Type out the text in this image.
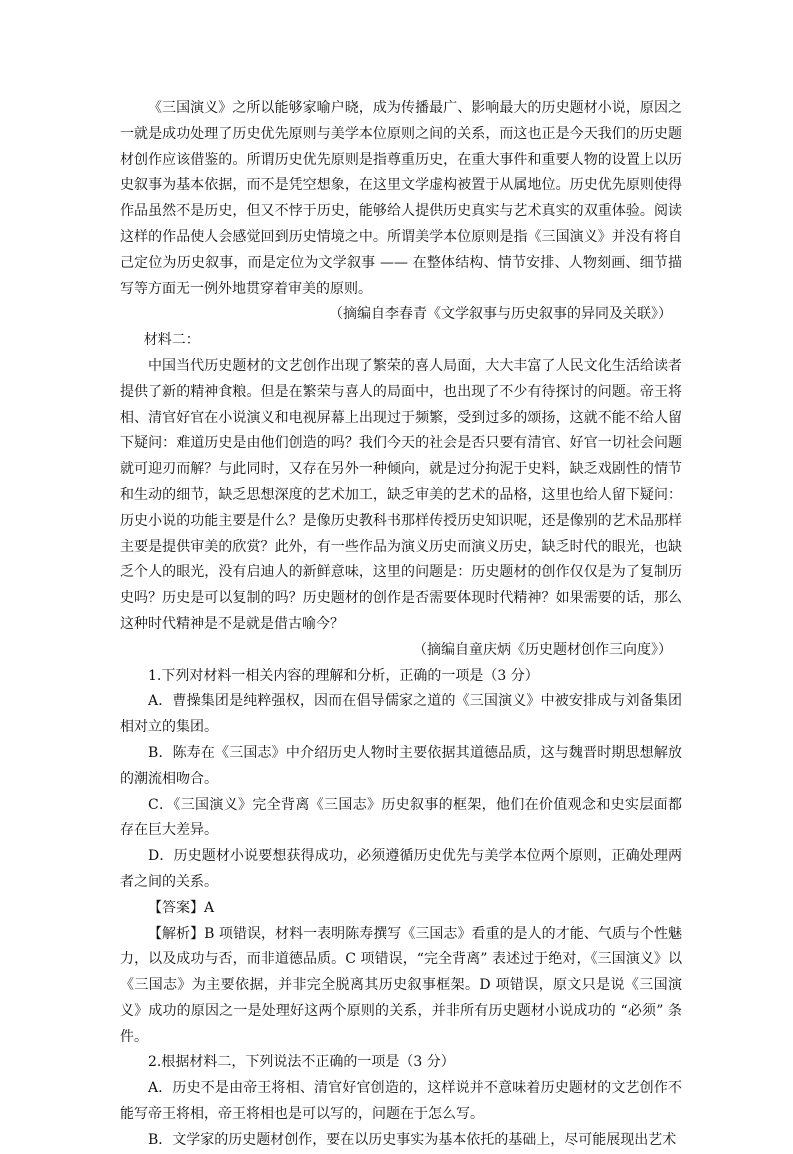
《三国演义》之所以能够家喻户晓，成为传播最广、影响最大的历史题材小说，原因之一就是成功处理了历史优先原则与美学本位原则之间的关系，而这也正是今天我们的历史题材创作应该借鉴的。所谓历史优先原则是指尊重历史，在重大事件和重要人物的设置上以历史叙事为基本依据，而不是凭空想象，在这里文学虚构被置于从属地位。历史优先原则使得作品虽然不是历史，但又不悖于历史，能够给人提供历史真实与艺术真实的双重体验。阅读这样的作品使人会感觉回到历史情境之中。所谓美学本位原则是指《三国演义》并没有将自己定位为历史叙事，而是定位为文学叙事 —— 在整体结构、情节安排、人物刻画、细节描写等方面无一例外地贯穿着审美的原则。

（摘编自李春青《文学叙事与历史叙事的异同及关联》）

材料二：

中国当代历史题材的文艺创作出现了繁荣的喜人局面，大大丰富了人民文化生活给读者提供了新的精神食粮。但是在繁荣与喜人的局面中，也出现了不少有待探讨的问题。帝王将相、清官好官在小说演义和电视屏幕上出现过于频繁，受到过多的颂扬，这就不能不给人留下疑问：难道历史是由他们创造的吗？我们今天的社会是否只要有清官、好官一切社会问题就可迎刃而解？与此同时，又存在另外一种倾向，就是过分拘泥于史料，缺乏戏剧性的情节和生动的细节，缺乏思想深度的艺术加工，缺乏审美的艺术的品格，这里也给人留下疑问：历史小说的功能主要是什么？是像历史教科书那样传授历史知识呢，还是像别的艺术品那样主要是提供审美的欣赏？此外，有一些作品为演义历史而演义历史，缺乏时代的眼光，也缺乏个人的眼光，没有启迪人的新鲜意味，这里的问题是：历史题材的创作仅仅是为了复制历史吗？历史是可以复制的吗？历史题材的创作是否需要体现时代精神？如果需要的话，那么这种时代精神是不是就是借古喻今？

（摘编自童庆炳《历史题材创作三向度》）

1.下列对材料一相关内容的理解和分析，正确的一项是（3 分）

A．曹操集团是纯粹强权，因而在倡导儒家之道的《三国演义》中被安排成与刘备集团相对立的集团。

B．陈寿在《三国志》中介绍历史人物时主要依据其道德品质，这与魏晋时期思想解放的潮流相吻合。

C．《三国演义》完全背离《三国志》历史叙事的框架，他们在价值观念和史实层面都存在巨大差异。

D．历史题材小说要想获得成功，必须遵循历史优先与美学本位两个原则，正确处理两者之间的关系。

【答案】A

【解析】B 项错误，材料一表明陈寿撰写《三国志》看重的是人的才能、气质与个性魅力，以及成功与否，而非道德品质。C 项错误，“完全背离” 表述过于绝对，《三国演义》以《三国志》为主要依据，并非完全脱离其历史叙事框架。D 项错误，原文只是说《三国演义》成功的原因之一是处理好这两个原则的关系，并非所有历史题材小说成功的 “必须” 条件。

2.根据材料二，下列说法不正确的一项是（3 分）

A．历史不是由帝王将相、清官好官创造的，这样说并不意味着历史题材的文艺创作不能写帝王将相，帝王将相也是可以写的，问题在于怎么写。

B．文学家的历史题材创作，要在以历史事实为基本依托的基础上，尽可能展现出艺术
